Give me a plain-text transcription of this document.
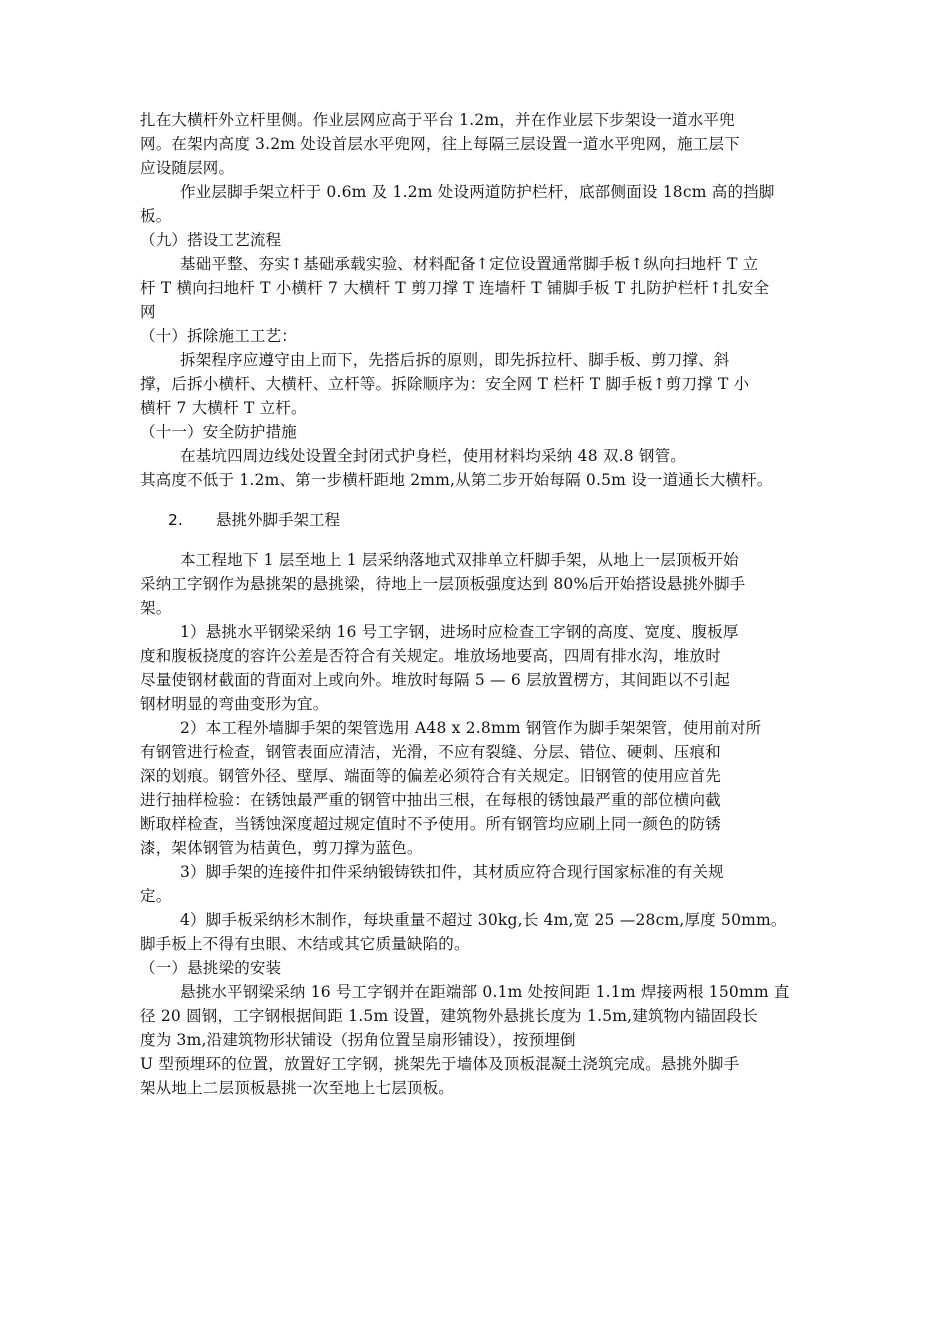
扎在大横杆外立杆里侧。作业层网应高于平台 1.2m，并在作业层下步架设一道水平兜
网。在架内高度 3.2m 处设首层水平兜网，往上每隔三层设置一道水平兜网，施工层下
应设随层网。
作业层脚手架立杆于 0.6m 及 1.2m 处设两道防护栏杆，底部侧面设 18cm 高的挡脚
板。
（九）搭设工艺流程
基础平整、夯实↑基础承载实验、材料配备↑定位设置通常脚手板↑纵向扫地杆 T 立
杆 T 横向扫地杆 T 小横杆 7 大横杆 T 剪刀撑 T 连墙杆 T 铺脚手板 T 扎防护栏杆↑扎安全
网
（十）拆除施工工艺：
拆架程序应遵守由上而下，先搭后拆的原则，即先拆拉杆、脚手板、剪刀撑、斜
撑，后拆小横杆、大横杆、立杆等。拆除顺序为：安全网 T 栏杆 T 脚手板↑剪刀撑 T 小
横杆 7 大横杆 T 立杆。
（十一）安全防护措施
在基坑四周边线处设置全封闭式护身栏，使用材料均采纳 48 双.8 钢管。
其高度不低于 1.2m、第一步横杆距地 2mm,从第二步开始每隔 0.5m 设一道通长大横杆。
2. 悬挑外脚手架工程
本工程地下 1 层至地上 1 层采纳落地式双排单立杆脚手架，从地上一层顶板开始
采纳工字钢作为悬挑架的悬挑梁，待地上一层顶板强度达到 80%后开始搭设悬挑外脚手
架。
1）悬挑水平钢梁采纳 16 号工字钢，进场时应检查工字钢的高度、宽度、腹板厚
度和腹板挠度的容许公差是否符合有关规定。堆放场地要高，四周有排水沟，堆放时
尽量使钢材截面的背面对上或向外。堆放时每隔 5 — 6 层放置楞方，其间距以不引起
钢材明显的弯曲变形为宜。
2）本工程外墙脚手架的架管选用 A48 x 2.8mm 钢管作为脚手架架管，使用前对所
有钢管进行检查，钢管表面应清洁，光滑，不应有裂缝、分层、错位、硬刺、压痕和
深的划痕。钢管外径、壁厚、端面等的偏差必须符合有关规定。旧钢管的使用应首先
进行抽样检验：在锈蚀最严重的钢管中抽出三根，在每根的锈蚀最严重的部位横向截
断取样检查，当锈蚀深度超过规定值时不予使用。所有钢管均应刷上同一颜色的防锈
漆，架体钢管为桔黄色，剪刀撑为蓝色。
3）脚手架的连接件扣件采纳锻铸铁扣件，其材质应符合现行国家标准的有关规
定。
4）脚手板采纳杉木制作，每块重量不超过 30kg,长 4m,宽 25 —28cm,厚度 50mm。
脚手板上不得有虫眼、木结或其它质量缺陷的。
（一）悬挑梁的安装
悬挑水平钢梁采纳 16 号工字钢并在距端部 0.1m 处按间距 1.1m 焊接两根 150mm 直
径 20 圆钢，工字钢根据间距 1.5m 设置，建筑物外悬挑长度为 1.5m,建筑物内锚固段长
度为 3m,沿建筑物形状铺设（拐角位置呈扇形铺设），按预埋倒
U 型预埋环的位置，放置好工字钢，挑架先于墙体及顶板混凝土浇筑完成。悬挑外脚手
架从地上二层顶板悬挑一次至地上七层顶板。
